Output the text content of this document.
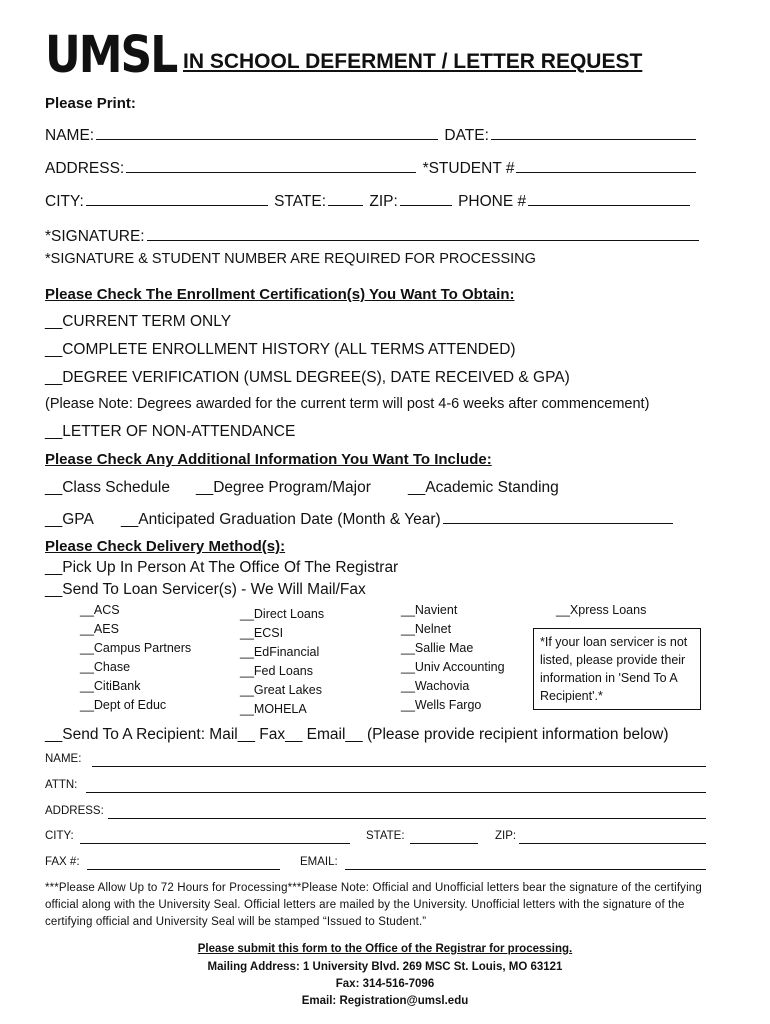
UMSL IN SCHOOL DEFERMENT / LETTER REQUEST
Please Print:
NAME:	DATE:
ADDRESS:	*STUDENT #
CITY:	STATE:	ZIP:	PHONE #
*SIGNATURE:
*SIGNATURE & STUDENT NUMBER ARE REQUIRED FOR PROCESSING
Please Check The Enrollment Certification(s) You Want To Obtain:
__CURRENT TERM ONLY
__COMPLETE ENROLLMENT HISTORY (ALL TERMS ATTENDED)
__DEGREE VERIFICATION (UMSL DEGREE(S), DATE RECEIVED & GPA)
(Please Note: Degrees awarded for the current term will post 4-6 weeks after commencement)
__LETTER OF NON-ATTENDANCE
Please Check Any Additional Information You Want To Include:
__Class Schedule __Degree Program/Major __Academic Standing
__GPA __Anticipated Graduation Date (Month & Year)
Please Check Delivery Method(s):
__Pick Up In Person At The Office Of The Registrar
__Send To Loan Servicer(s) - We Will Mail/Fax
__ACS
__AES
__Campus Partners
__Chase
__CitiBank
__Dept of Educ
__Direct Loans
__ECSI
__EdFinancial
__Fed Loans
__Great Lakes
__MOHELA
__Navient
__Nelnet
__Sallie Mae
__Univ Accounting
__Wachovia
__Wells Fargo
__Xpress Loans
*If your loan servicer is not listed, please provide their information in 'Send To A Recipient'.*
__Send To A Recipient: Mail__ Fax__ Email__ (Please provide recipient information below)
NAME:
ATTN:
ADDRESS:
CITY:	STATE:	ZIP:
FAX #:	EMAIL:
***Please Allow Up to 72 Hours for Processing***Please Note: Official and Unofficial letters bear the signature of the certifying official along with the University Seal. Official letters are mailed by the University. Unofficial letters with the signature of the certifying official and University Seal will be stamped “Issued to Student.”
Please submit this form to the Office of the Registrar for processing.
Mailing Address: 1 University Blvd. 269 MSC St. Louis, MO 63121
Fax: 314-516-7096
Email: Registration@umsl.edu
